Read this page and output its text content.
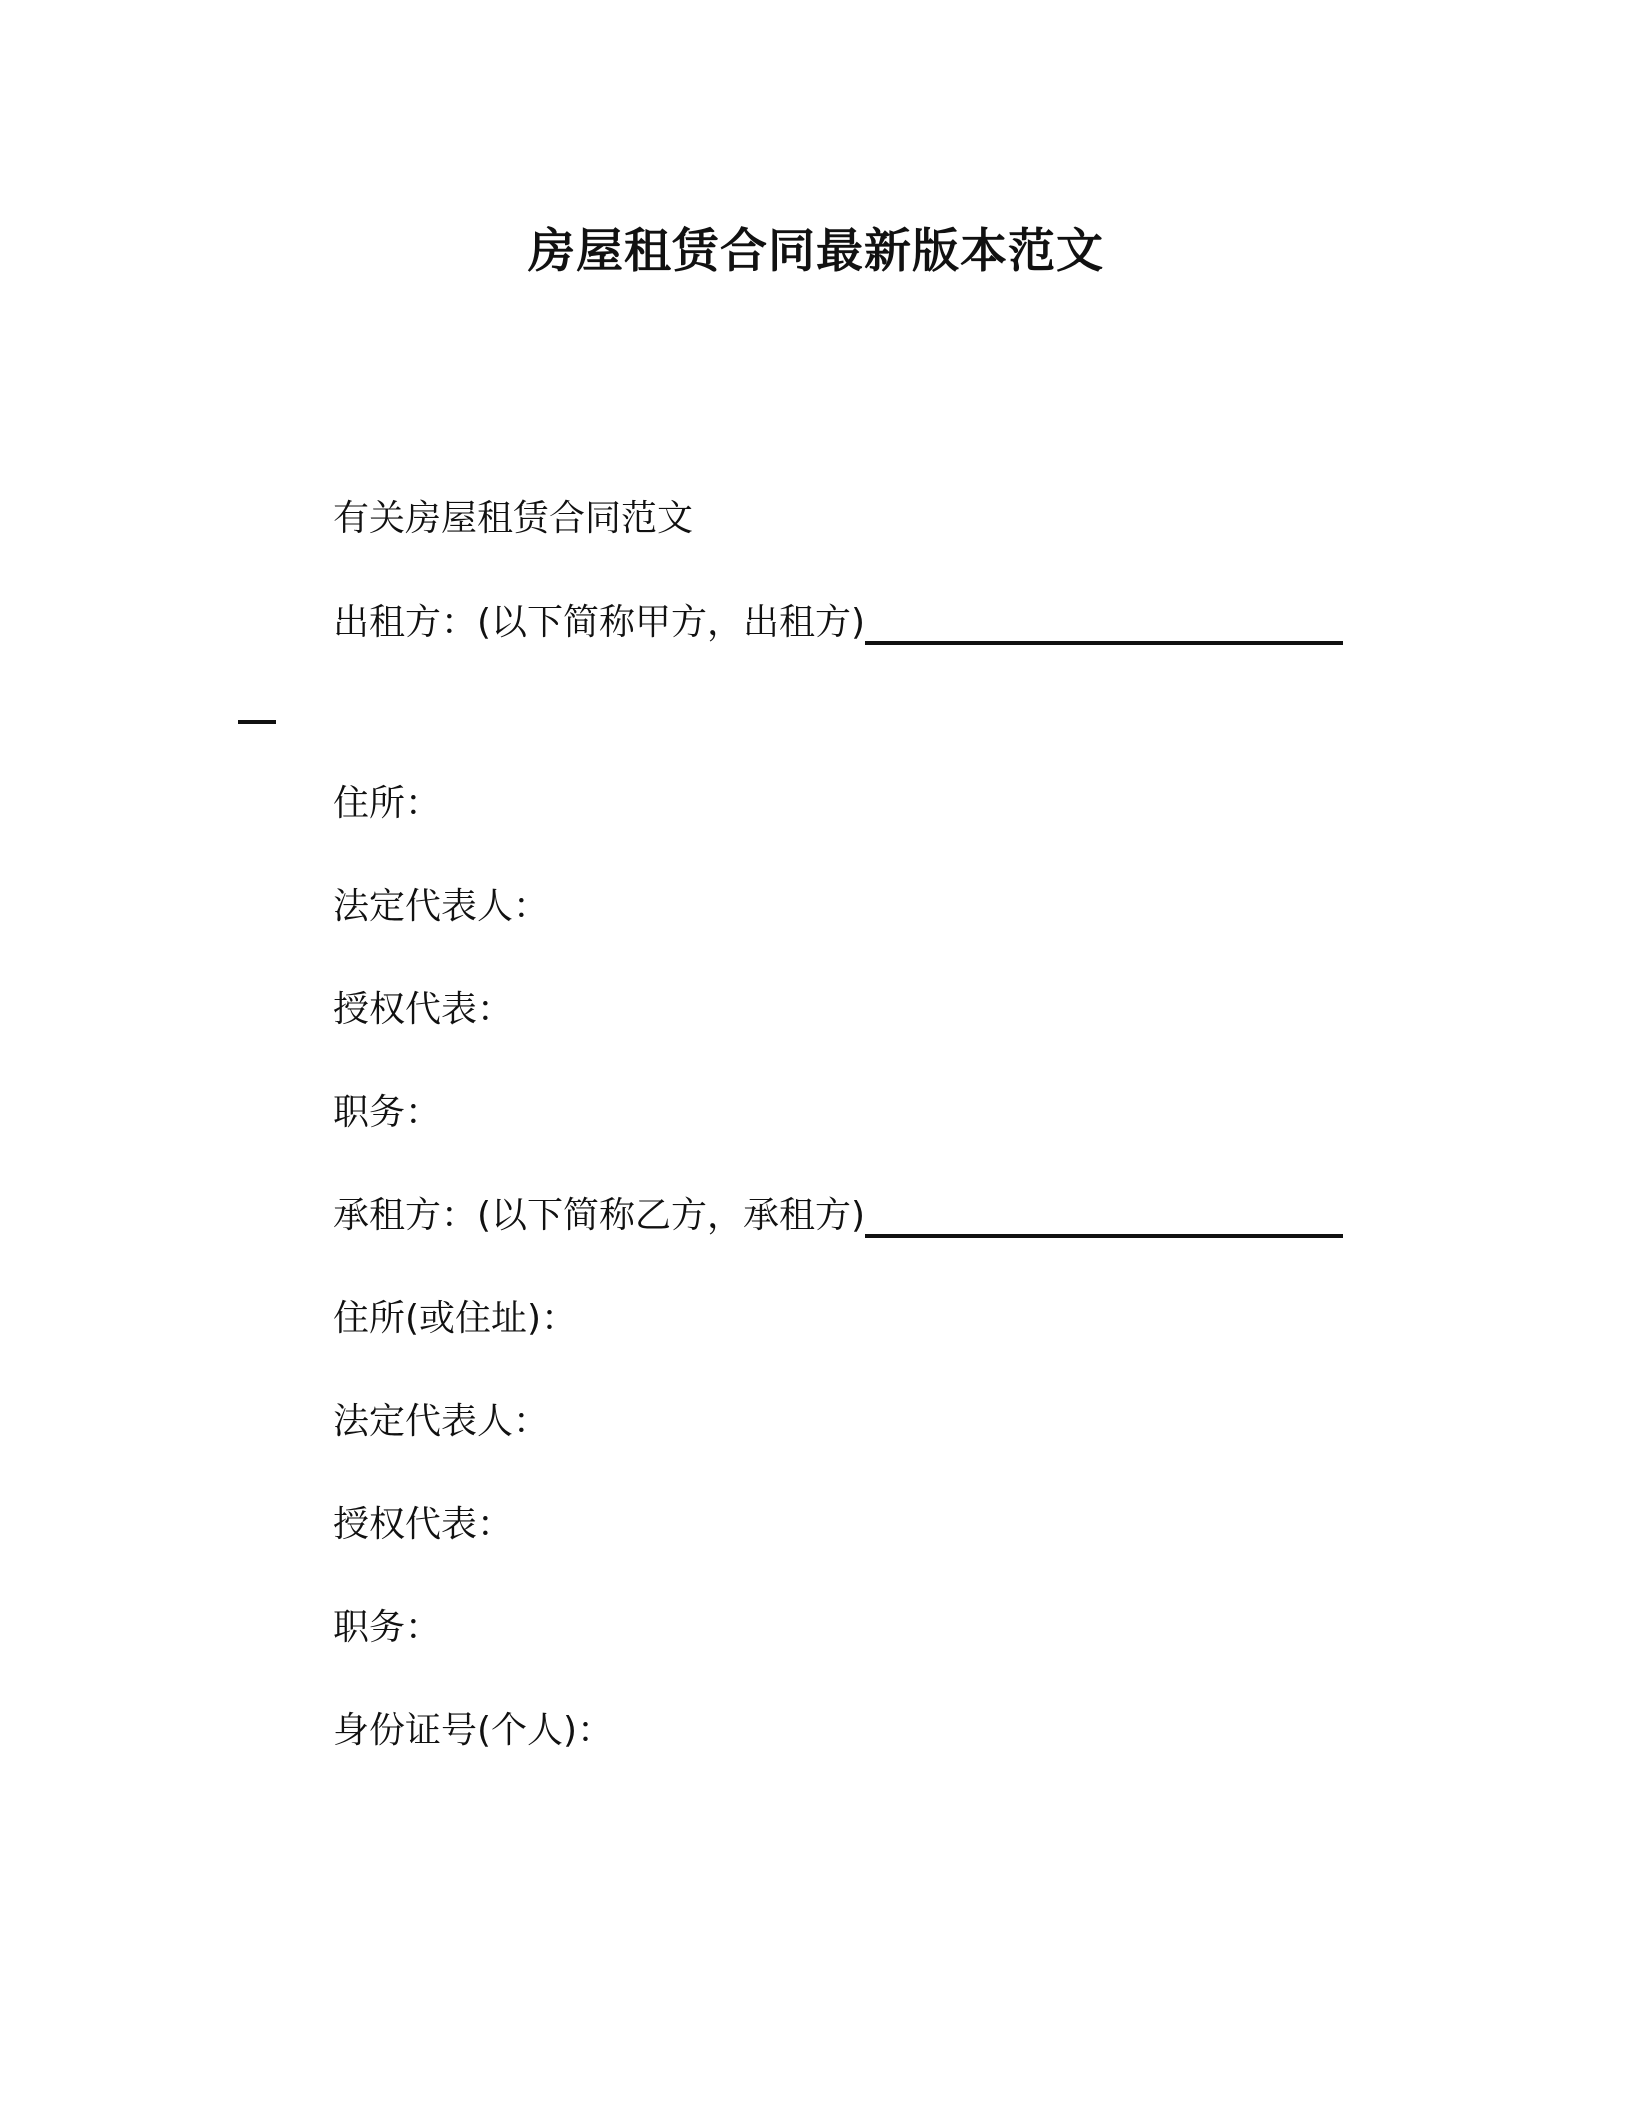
房屋租赁合同最新版本范文
有关房屋租赁合同范文
出租方：(以下简称甲方，出租方)
住所：
法定代表人：
授权代表：
职务：
承租方：(以下简称乙方，承租方)
住所(或住址)：
法定代表人：
授权代表：
职务：
身份证号(个人)：
